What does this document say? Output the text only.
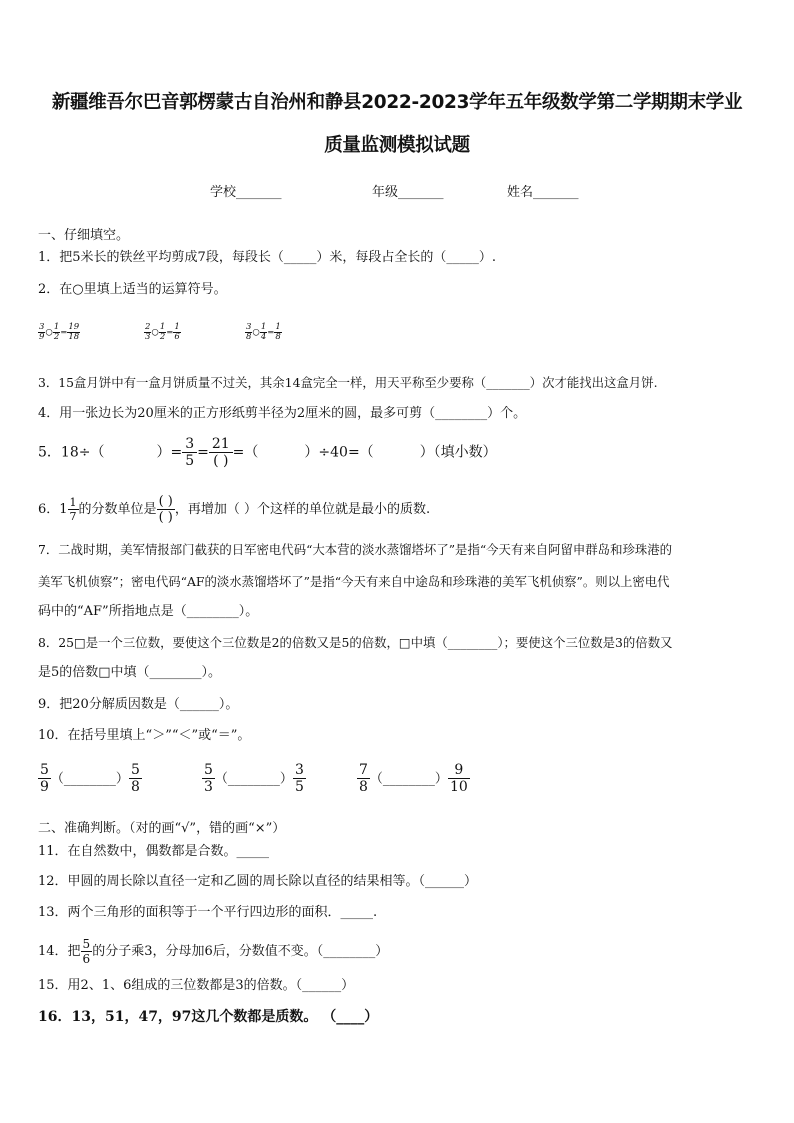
新疆维吾尔巴音郭楞蒙古自治州和静县2022-2023学年五年级数学第二学期期末学业
质量监测模拟试题
学校_______	年级_______	姓名_______
一、仔细填空。
1．把5米长的铁丝平均剪成7段，每段长（_____）米，每段占全长的（_____）.
2．在○里填上适当的运算符号。
$\frac{3}{9}$ ○ $\frac{1}{2} = \frac{19}{18}$	$\frac{2}{3}$ ○ $\frac{1}{2} = \frac{1}{6}$	$\frac{3}{8}$ ○ $\frac{1}{4} = \frac{1}{8}$
3．15盒月饼中有一盒月饼质量不过关，其余14盒完全一样，用天平称至少要称（_______）次才能找出这盒月饼.
4．用一张边长为20厘米的正方形纸剪半径为2厘米的圆，最多可剪（________）个。
5．18÷（	）= $\frac{3}{5} = \frac{21}{( )}$ =（	）÷40=（	）（填小数）
6．$1 \frac{1}{7}$ 的分数单位是 $\frac{( )}{( )}$ ，再增加（ ）个这样的单位就是最小的质数.
7．二战时期，美军情报部门截获的日军密电代码“大本营的淡水蒸馏塔坏了”是指“今天有来自阿留申群岛和珍珠港的
美军飞机侦察”；密电代码“AF的淡水蒸馏塔坏了”是指“今天有来自中途岛和珍珠港的美军飞机侦察”。则以上密电代
码中的“AF”所指地点是（________）。
8．25□是一个三位数，要使这个三位数是2的倍数又是5的倍数，□中填（________）；要使这个三位数是3的倍数又
是5的倍数□中填（________）。
9．把20分解质因数是（______）。
10．在括号里填上“＞”“＜”或“＝”。
$\frac{5}{9}$ （________） $\frac{5}{8}$	$\frac{5}{3}$ （________） $\frac{3}{5}$	$\frac{7}{8}$ （________） $\frac{9}{10}$
二、准确判断。（对的画“√”，错的画“×”）
11．在自然数中，偶数都是合数。_____
12．甲圆的周长除以直径一定和乙圆的周长除以直径的结果相等。（______）
13．两个三角形的面积等于一个平行四边形的面积．_____.
14．把 $\frac{5}{6}$ 的分子乘3，分母加6后，分数值不变。（________）
15．用2、1、6组成的三位数都是3的倍数。（______）
16．13，51，47，97这几个数都是质数。 （____）
